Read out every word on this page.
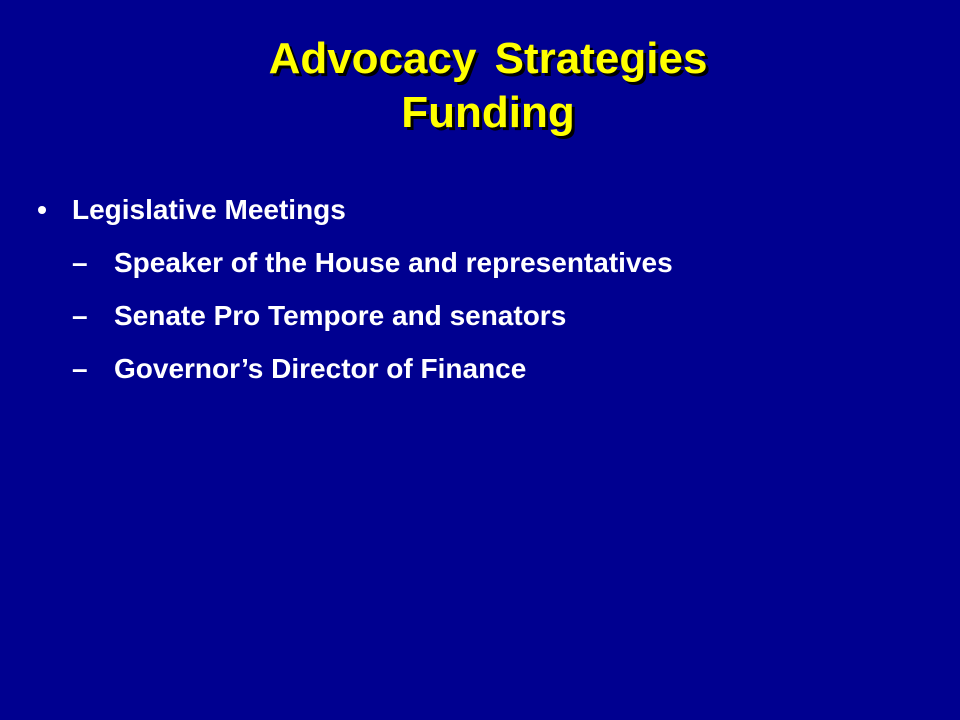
Advocacy Strategies
Funding
• Legislative Meetings
– Speaker of the House and representatives
– Senate Pro Tempore and senators
– Governor’s Director of Finance
